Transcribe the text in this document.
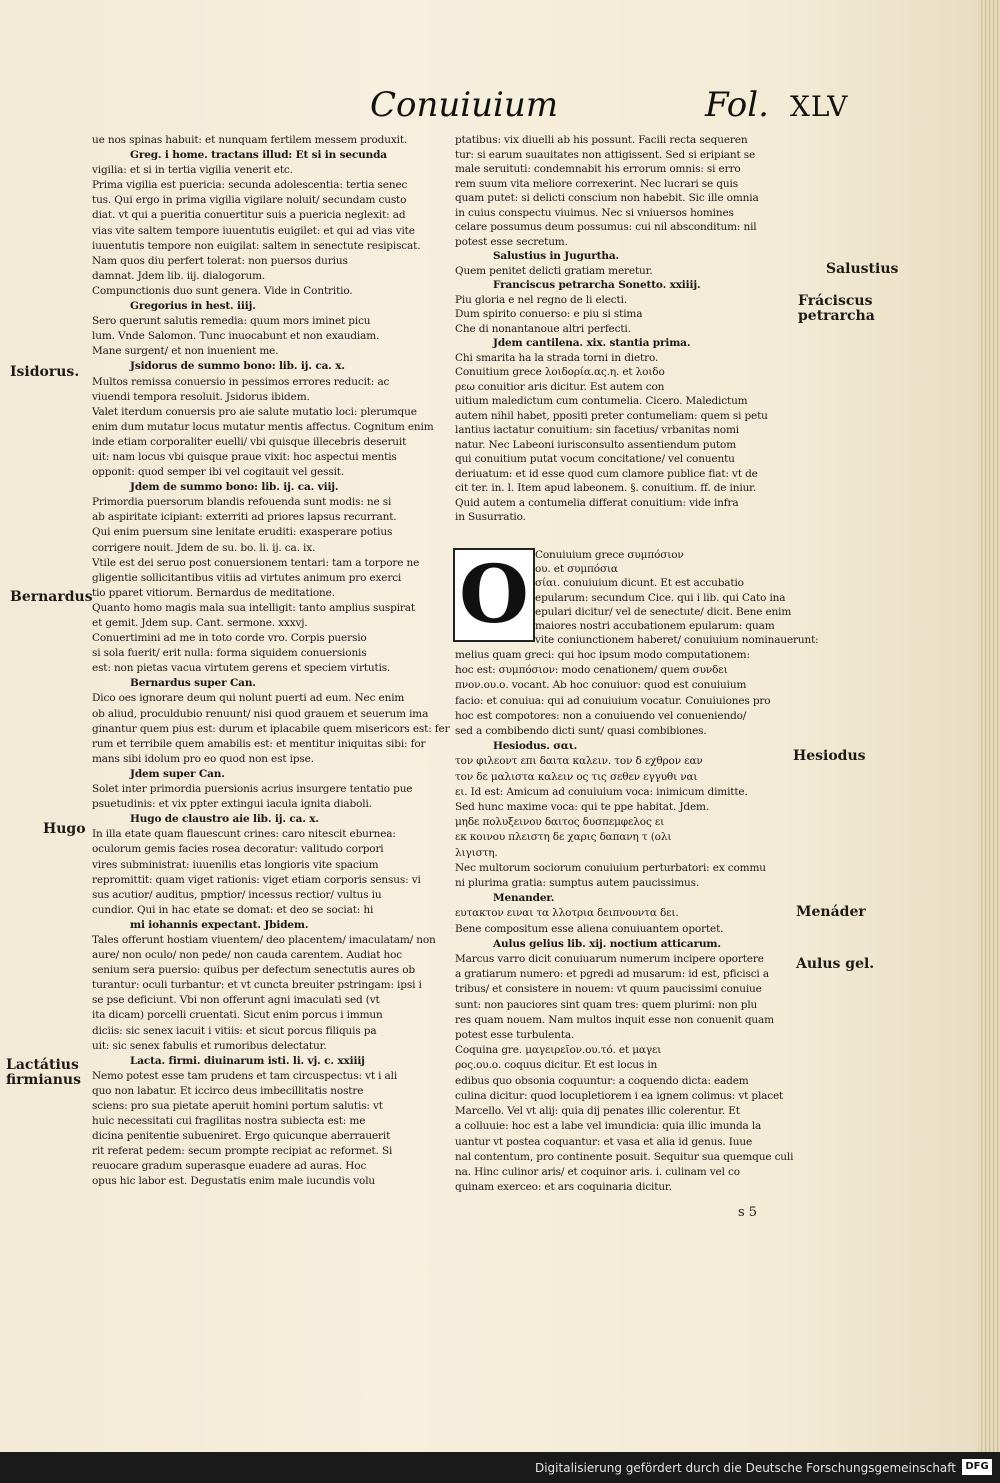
Conuiuium	Fol. XLV
ue nos spinas habuit: et nunquam fertilem messem produxit.
Greg. i home. tractans illud: Et si in secunda
vigilia: et si in tertia vigilia venerit etc.
Prima vigilia est puericia: secunda adolescentia: tertia senec
tus. Qui ergo in prima vigilia vigilare noluit/ secundam custo
diat. vt qui a pueritia conuertitur suis a puericia neglexit: ad
vias vite saltem tempore iuuentutis euigilet: et qui ad vias vite
iuuentutis tempore non euigilat: saltem in senectute resipiscat.
Nam quos diu perfert tolerat: non puersos durius
damnat. Jdem lib. iij. dialogorum.
Compunctionis duo sunt genera. Vide in Contritio.
Gregorius in hest. iiij.
Sero querunt salutis remedia: quum mors iminet picu
lum. Vnde Salomon. Tunc inuocabunt et non exaudiam.
Mane surgent/ et non inuenient me.
Jsidorus de summo bono: lib. ij. ca. x.
Multos remissa conuersio in pessimos errores reducit: ac
viuendi tempora resoluit. Jsidorus ibidem.
Valet iterdum conuersis pro aie salute mutatio loci: plerumque
enim dum mutatur locus mutatur mentis affectus. Cognitum enim
inde etiam corporaliter euelli/ vbi quisque illecebris deseruit
uit: nam locus vbi quisque praue vixit: hoc aspectui mentis
opponit: quod semper ibi vel cogitauit vel gessit.
Jdem de summo bono: lib. ij. ca. viij.
Primordia puersorum blandis refouenda sunt modis: ne si
ab aspiritate icipiant: exterriti ad priores lapsus recurrant.
Qui enim puersum sine lenitate eruditi: exasperare potius
corrigere nouit. Jdem de su. bo. li. ij. ca. ix.
Vtile est dei seruo post conuersionem tentari: tam a torpore ne
gligentie sollicitantibus vitiis ad virtutes animum pro exerci
tio pparet vitiorum. Bernardus de meditatione.
Quanto homo magis mala sua intelligit: tanto amplius suspirat
et gemit. Jdem sup. Cant. sermone. xxxvj.
Conuertimini ad me in toto corde vro. Corpis puersio
si sola fuerit/ erit nulla: forma siquidem conuersionis
est: non pietas vacua virtutem gerens et speciem virtutis.
Bernardus super Can.
Dico oes ignorare deum qui nolunt puerti ad eum. Nec enim
ob aliud, proculdubio renuunt/ nisi quod grauem et seuerum ima
ginantur quem pius est: durum et iplacabile quem misericors est: fer
rum et terribile quem amabilis est: et mentitur iniquitas sibi: for
mans sibi idolum pro eo quod non est ipse.
Jdem super Can.
Solet inter primordia puersionis acrius insurgere tentatio pue
psuetudinis: et vix ppter extingui iacula ignita diaboli.
Hugo de claustro aie lib. ij. ca. x.
In illa etate quam flauescunt crines: caro nitescit eburnea:
oculorum gemis facies rosea decoratur: valitudo corpori
vires subministrat: iuuenilis etas longioris vite spacium
repromittit: quam viget rationis: viget etiam corporis sensus: vi
sus acutior/ auditus, pmptior/ incessus rectior/ vultus iu
cundior. Qui in hac etate se domat: et deo se sociat: hi
mi iohannis expectant. Jbidem.
Tales offerunt hostiam viuentem/ deo placentem/ imaculatam/ non
aure/ non oculo/ non pede/ non cauda carentem. Audiat hoc
senium sera puersio: quibus per defectum senectutis aures ob
turantur: oculi turbantur: et vt cuncta breuiter pstringam: ipsi i
se pse deficiunt. Vbi non offerunt agni imaculati sed (vt
ita dicam) porcelli cruentati. Sicut enim porcus i immun
diciis: sic senex iacuit i vitiis: et sicut porcus filiquis pa
uit: sic senex fabulis et rumoribus delectatur.
Lacta. firmi. diuinarum isti. li. vj. c. xxiiij
Nemo potest esse tam prudens et tam circuspectus: vt i ali
quo non labatur. Et iccirco deus imbecillitatis nostre
sciens: pro sua pietate aperuit homini portum salutis: vt
huic necessitati cui fragilitas nostra subiecta est: me
dicina penitentie subueniret. Ergo quicunque aberrauerit
rit referat pedem: secum prompte recipiat ac reformet. Si
reuocare gradum superasque euadere ad auras. Hoc
opus hic labor est. Degustatis enim male iucundis volu
ptatibus: vix diuelli ab his possunt. Facili recta sequeren
tur: si earum suauitates non attigissent. Sed si eripiant se
male seruituti: condemnabit his errorum omnis: si erro
rem suum vita meliore correxerint. Nec lucrari se quis
quam putet: si delicti conscium non habebit. Sic ille omnia
in cuius conspectu viuimus. Nec si vniuersos homines
celare possumus deum possumus: cui nil absconditum: nil
potest esse secretum.
Salustius in Jugurtha.
Quem penitet delicti gratiam meretur.
Franciscus petrarcha Sonetto. xxiiij.
Piu gloria e nel regno de li electi.
Dum spirito conuerso: e piu si stima
Che di nonantanoue altri perfecti.
Jdem cantilena. xix. stantia prima.
Chi smarita ha la strada torni in dietro.
Conuitium grece λοιδορία.ας.η. et λοιδο
ρεω conuitior aris dicitur. Est autem con
uitium maledictum cum contumelia. Cicero. Maledictum
autem nihil habet, ppositi preter contumeliam: quem si petu
lantius iactatur conuitium: sin facetius/ vrbanitas nomi
natur. Nec Labeoni iurisconsulto assentiendum putom
qui conuitium putat vocum concitatione/ vel conuentu
deriuatum: et id esse quod cum clamore publice fiat: vt de
cit ter. in. l. Item apud labeonem. §. conuitium. ff. de iniur.
Quid autem a contumelia differat conuitium: vide infra
in Susurratio.
O Conuiuium grece συμπόσιον
ου. et συμπόσια
σίαι. conuiuium dicunt. Et est accubatio
epularum: secundum Cice. qui i lib. qui Cato ina
epulari dicitur/ vel de senectute/ dicit. Bene enim
maiores nostri accubationem epularum: quam
vite coniunctionem haberet/ conuiuium nominauerunt:
melius quam greci: qui hoc ipsum modo computationem:
hoc est: συμπόσιον: modo cenationem/ quem συνδει
πνον.ου.ο. vocant. Ab hoc conuiuor: quod est conuiuium
facio: et conuiua: qui ad conuiuium vocatur. Conuiuiones pro
hoc est compotores: non a conuiuendo vel conueniendo/
sed a combibendo dicti sunt/ quasi combibiones.
Hesiodus. σαι.
τον φιλεοντ επι δαιτα καλειν. τον δ εχθρον εαν
τον δε μαλιστα καλειν ος τις σεθεν εγγυθι ναι
ει. Id est: Amicum ad conuiuium voca: inimicum dimitte.
Sed hunc maxime voca: qui te ppe habitat. Jdem.
μηδε πολυξεινου δαιτος δυσπεμφελος ει
εκ κοινου πλειστη δε χαρις δαπανη τ (ολι
λιγιστη.
Nec multorum sociorum conuiuium perturbatori: ex commu
ni plurima gratia: sumptus autem paucissimus.
Menander.
ευτακτον ειναι τα λλοτρια δειπνουντα δει.
Bene compositum esse aliena conuiuantem oportet.
Aulus gelius lib. xij. noctium atticarum.
Marcus varro dicit conuiuarum numerum incipere oportere
a gratiarum numero: et pgredi ad musarum: id est, pficisci a
tribus/ et consistere in nouem: vt quum paucissimi conuiue
sunt: non pauciores sint quam tres: quem plurimi: non plu
res quam nouem. Nam multos inquit esse non conuenit quam
potest esse turbulenta.
Coquina gre. μαγειρεῖον.ου.τό. et μαγει
ρος.ου.ο. coquus dicitur. Et est locus in
edibus quo obsonia coquuntur: a coquendo dicta: eadem
culina dicitur: quod locupletiorem i ea ignem colimus: vt placet
Marcello. Vel vt alij: quia dij penates illic colerentur. Et
a colluuie: hoc est a labe vel imundicia: quia illic imunda la
uantur vt postea coquantur: et vasa et alia id genus. Iuue
nal contentum, pro continente posuit. Sequitur sua quemque culi
na. Hinc culinor aris/ et coquinor aris. i. culinam vel co
quinam exerceo: et ars coquinaria dicitur.
Salustius
Fráciscus petrarcha
Isidorus.
Bernardus
Hesiodus
Hugo
Menáder
Aulus gel.
Lactátius firmianus
s 5
Digitalisierung gefördert durch die Deutsche Forschungsgemeinschaft DFG
